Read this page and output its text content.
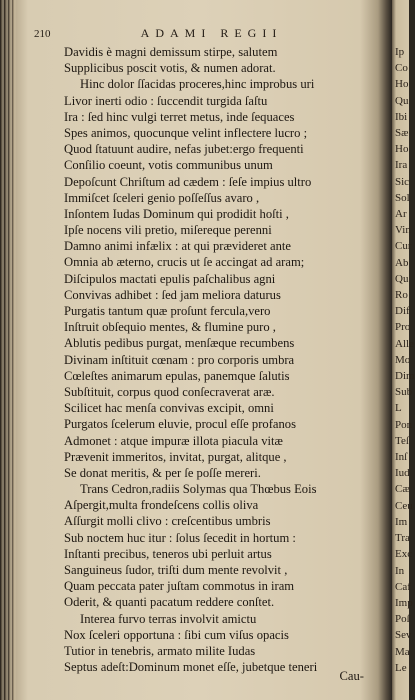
210	ADAMI REGII
Davidis è magni demissum stirpe, salutem
Supplicibus poscit votis, & numen adorat.
Hinc dolor ſſacidas proceres,hinc improbus uri
Livor inerti odio : ſuccendit turgida ſaſtu
Ira : ſed hinc vulgi terret metus, inde ſequaces
Spes animos, quocunque velint inflectere lucro ;
Quod ſtatuunt audire, nefas jubet:ergo frequenti
Conſilio coeunt, votis communibus unum
Depoſcunt Chriſtum ad cædem : ſeſe impius ultro
Immiſcet ſceleri genio poſſeſſus avaro ,
Inſontem Iudas Dominum qui prodidit hoſti ,
Ipſe nocens vili pretio, miſereque perenni
Damno animi infælix : at qui prævideret ante
Omnia ab æterno, crucis ut ſe accingat ad aram;
Diſcipulos mactati epulis paſchalibus agni
Convivas adhibet : ſed jam meliora daturus
Purgatis tantum quæ proſunt fercula,vero
Inſtruit obſequio mentes, & flumine puro ,
Ablutis pedibus purgat, menſæque recumbens
Divinam inſtituit cœnam : pro corporis umbra
Cœleſtes animarum epulas, panemque ſalutis
Subſtituit, corpus quod conſecraverat aræ.
Scilicet hac menſa convivas excipit, omni
Purgatos ſcelerum eluvie, procul eſſe profanos
Admonet : atque impuræ illota piacula vitæ
Prævenit immeritos, invitat, purgat, alitque ,
Se donat meritis, & per ſe poſſe mereri.
Trans Cedron,radiis Solymas qua Thœbus Eois
Aſpergit,multa frondeſcens collis oliva
Aſſurgit molli clivo : creſcentibus umbris
Sub noctem huc itur : ſolus ſecedit in hortum :
Inſtanti precibus, teneros ubi perluit artus
Sanguineus ſudor, triſti dum mente revolvit ,
Quam peccata pater juſtam commotus in iram
Oderit, & quanti pacatum reddere conſtet.
Interea furvo terras involvit amictu
Nox ſceleri opportuna : ſibi cum viſus opacis
Tutior in tenebris, armato milite Iudas
Septus adeſt:Dominum monet eſſe, jubetque teneri
Cau-
Ip
Co
Ho
Qu
Ibi
Sæ
Ho
Ira
Sic
Sol
Ar
Vin
Cur
Ab
Qu
Ro
Dif
Pro
Alle
Mo
Dim
Sub
L
Pon
Teſ
Inſ
Iud
Cæ
Ceu
Im
Tra
Exc
In
Caf
Imp
Poſ
Sev
Ma
Le
